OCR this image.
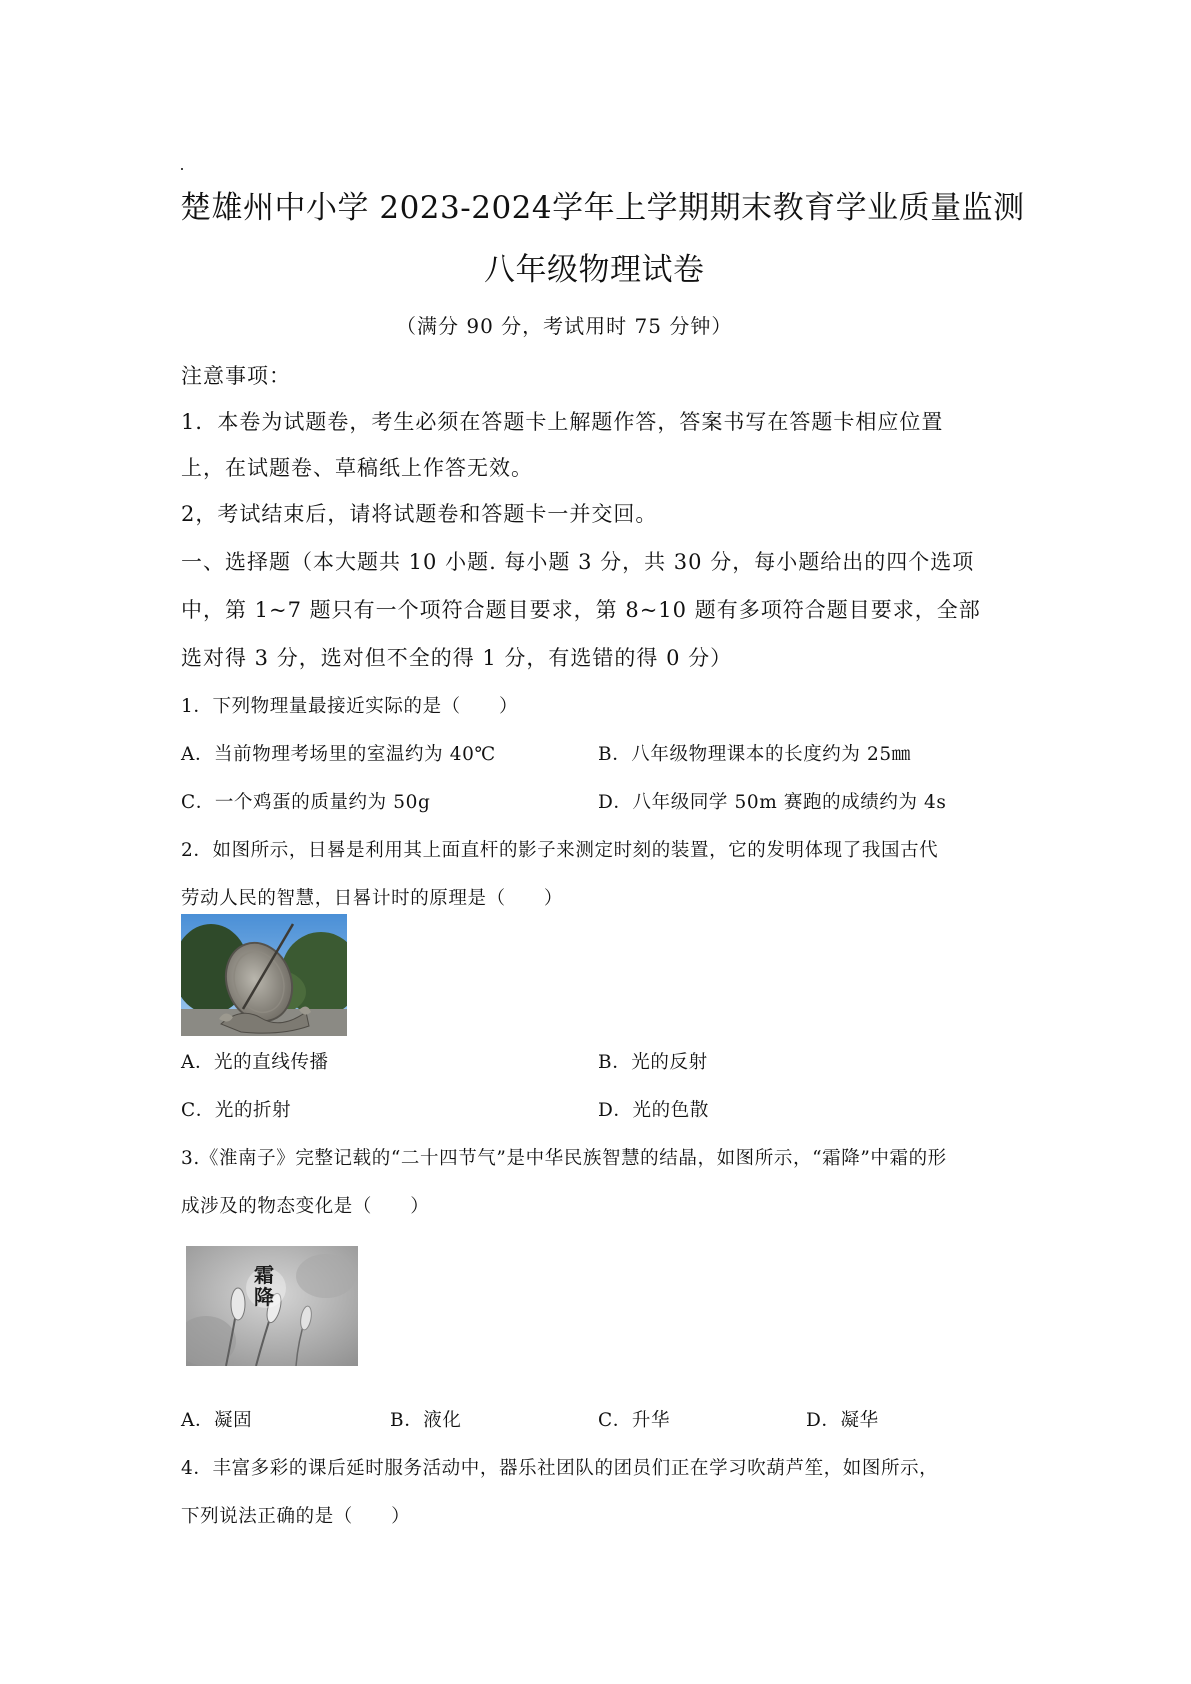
楚雄州中小学 2023-2024学年上学期期末教育学业质量监测
八年级物理试卷
（满分 90 分，考试用时 75 分钟）
注意事项：
1．本卷为试题卷，考生必须在答题卡上解题作答，答案书写在答题卡相应位置
上，在试题卷、草稿纸上作答无效。
2，考试结束后，请将试题卷和答题卡一并交回。
一、选择题（本大题共 10 小题. 每小题 3 分，共 30 分，每小题给出的四个选项
中，第 1~7 题只有一个项符合题目要求，第 8~10 题有多项符合题目要求，全部
选对得 3 分，选对但不全的得 1 分，有选错的得 0 分）
1．下列物理量最接近实际的是（　　）
A．当前物理考场里的室温约为 40℃	B．八年级物理课本的长度约为 25㎜
C．一个鸡蛋的质量约为 50g	D．八年级同学 50m 赛跑的成绩约为 4s
2．如图所示，日晷是利用其上面直杆的影子来测定时刻的装置，它的发明体现了我国古代
劳动人民的智慧，日晷计时的原理是（　　）
A．光的直线传播	B．光的反射
C．光的折射	D．光的色散
3.《淮南子》完整记载的“二十四节气”是中华民族智慧的结晶，如图所示，“霜降”中霜的形
成涉及的物态变化是（　　）
霜降
A．凝固	B．液化	C．升华	D．凝华
4．丰富多彩的课后延时服务活动中，器乐社团队的团员们正在学习吹葫芦笙，如图所示，
下列说法正确的是（　　）
